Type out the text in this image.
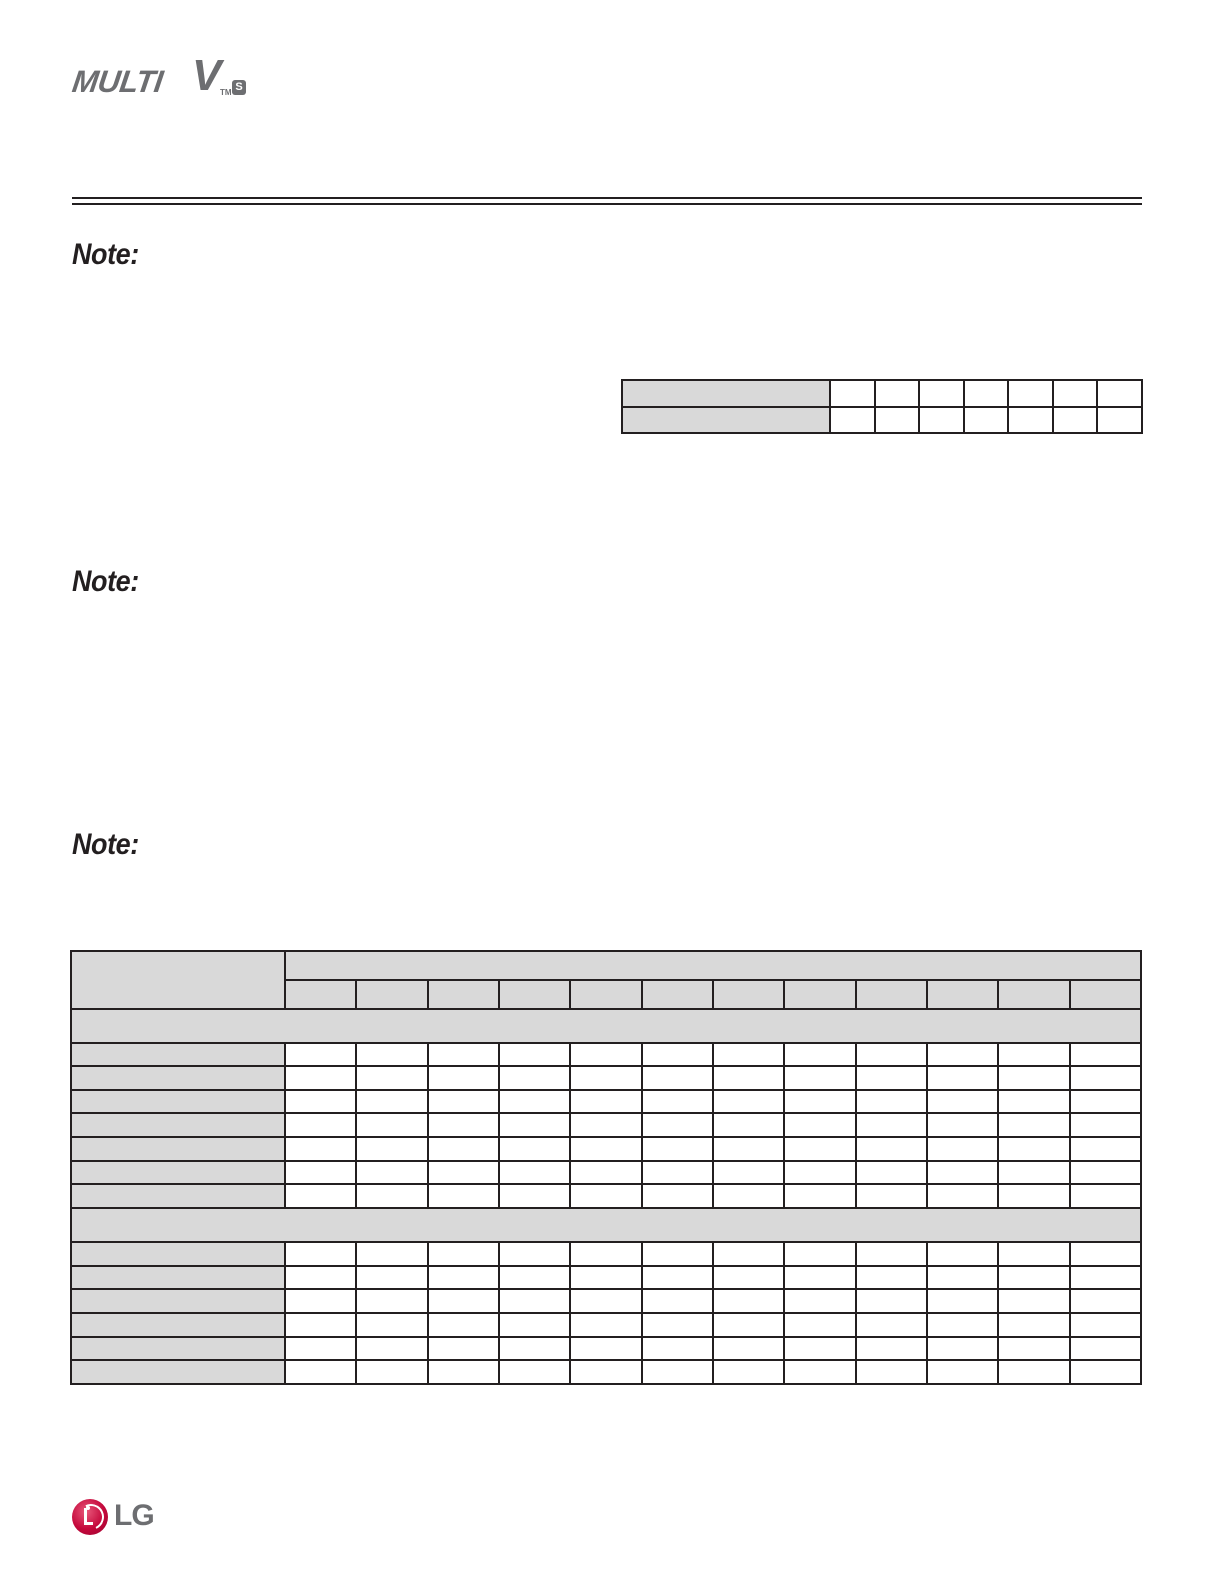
MULTI V
TM S
Note:
Note:
Note:

LG
